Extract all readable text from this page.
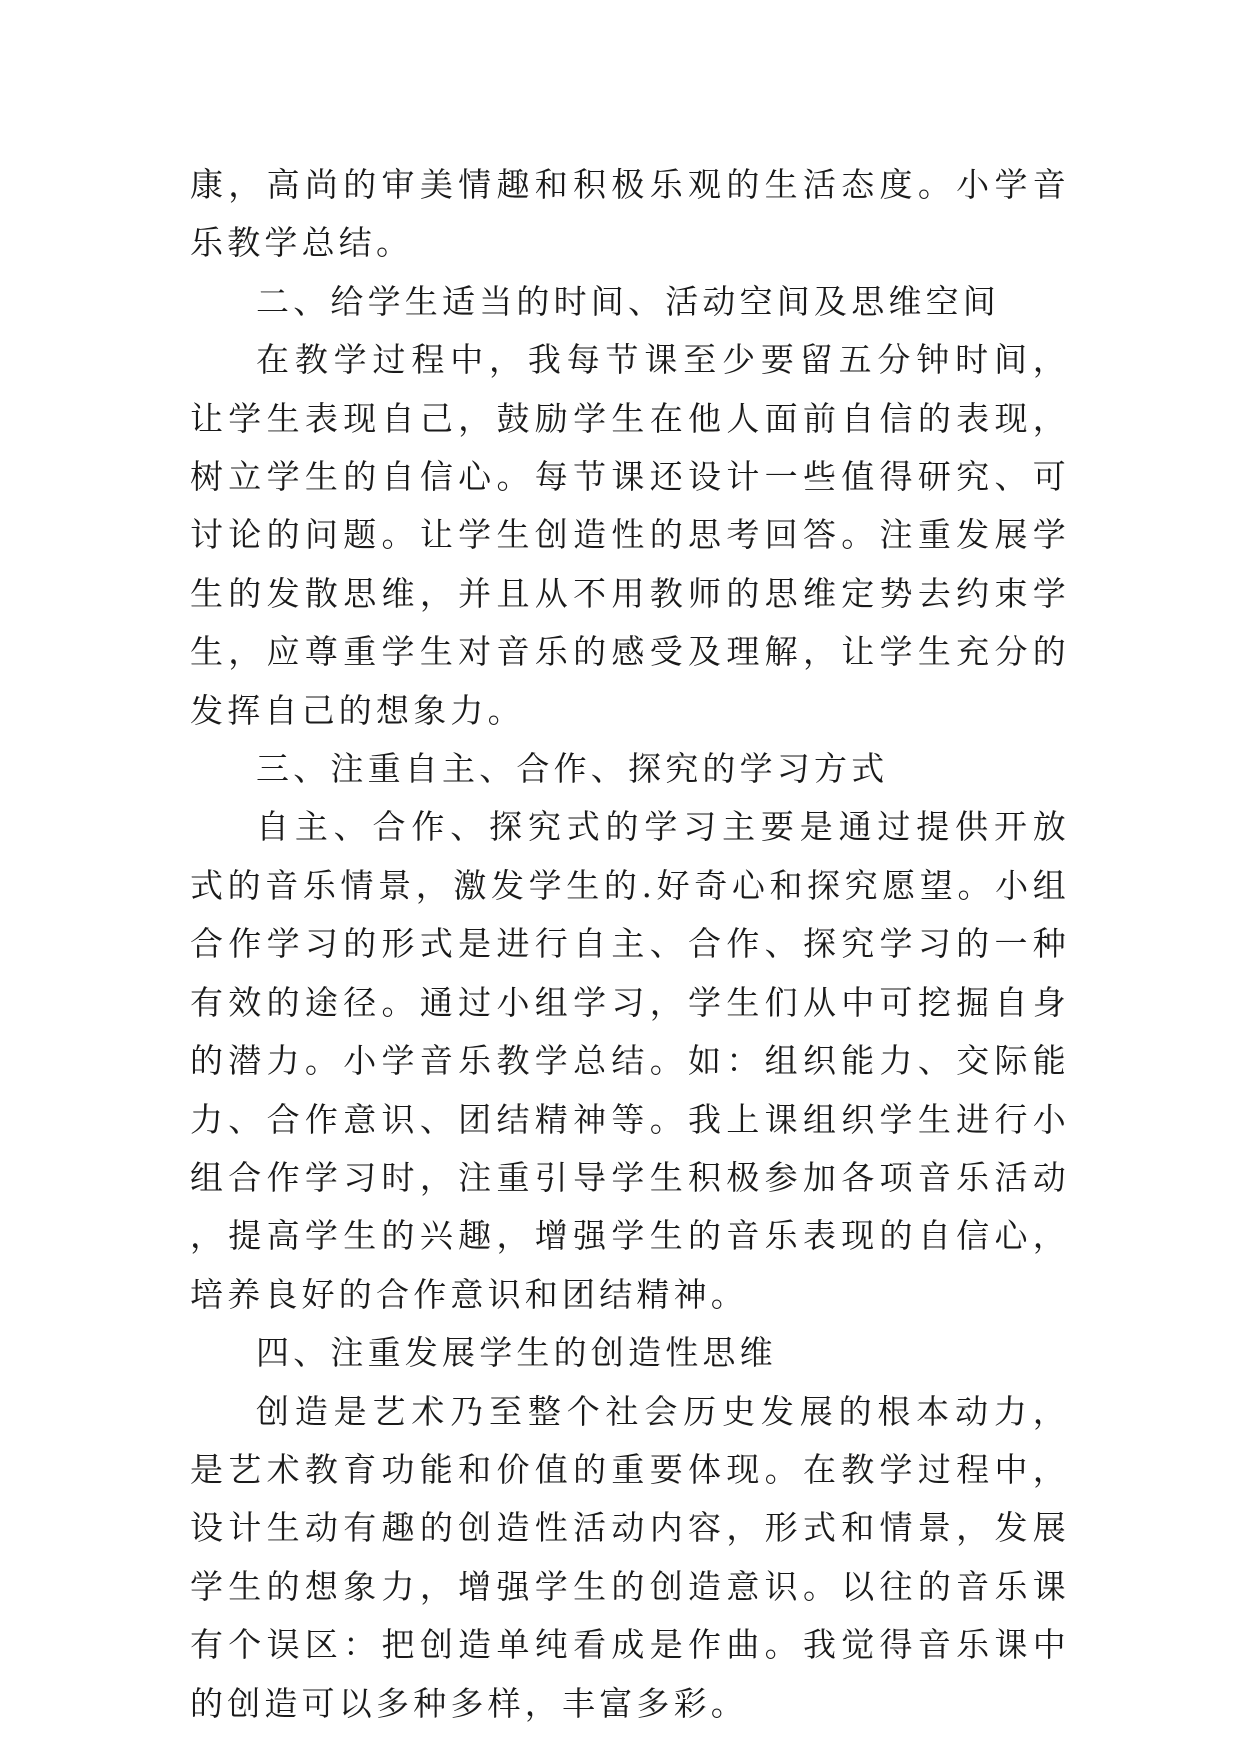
康，高尚的审美情趣和积极乐观的生活态度。小学音乐教学总结。

二、给学生适当的时间、活动空间及思维空间

在教学过程中，我每节课至少要留五分钟时间，让学生表现自己，鼓励学生在他人面前自信的表现，树立学生的自信心。每节课还设计一些值得研究、可讨论的问题。让学生创造性的思考回答。注重发展学生的发散思维，并且从不用教师的思维定势去约束学生，应尊重学生对音乐的感受及理解，让学生充分的发挥自己的想象力。

三、注重自主、合作、探究的学习方式

自主、合作、探究式的学习主要是通过提供开放式的音乐情景，激发学生的.好奇心和探究愿望。小组合作学习的形式是进行自主、合作、探究学习的一种有效的途径。通过小组学习，学生们从中可挖掘自身的潜力。小学音乐教学总结。如：组织能力、交际能力、合作意识、团结精神等。我上课组织学生进行小组合作学习时，注重引导学生积极参加各项音乐活动，提高学生的兴趣，增强学生的音乐表现的自信心，培养良好的合作意识和团结精神。

四、注重发展学生的创造性思维

创造是艺术乃至整个社会历史发展的根本动力，是艺术教育功能和价值的重要体现。在教学过程中，设计生动有趣的创造性活动内容，形式和情景，发展学生的想象力，增强学生的创造意识。以往的音乐课有个误区：把创造单纯看成是作曲。我觉得音乐课中的创造可以多种多样，丰富多彩。
